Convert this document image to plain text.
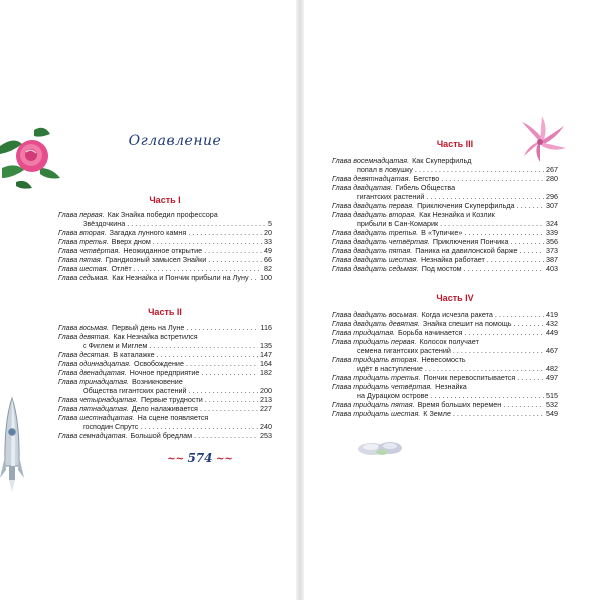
Оглавление
Часть I
Глава первая. Как Знайка победил профессора
Звёздочкина . . .	5
Глава вторая. Загадка лунного камня . . .	20
Глава третья. Вверх дном . . .	33
Глава четвёртая. Неожиданное открытие . . .	49
Глава пятая. Грандиозный замысел Знайки . . .	66
Глава шестая. Отлёт . . .	82
Глава седьмая. Как Незнайка и Пончик прибыли на Луну . . . 100
Часть II
Глава восьмая. Первый день на Луне . . .	116
Глава девятая. Как Незнайка встретился
с Фиглем и Миглем . . .	135
Глава десятая. В каталажке . . .	147
Глава одиннадцатая. Освобождение . . .	164
Глава двенадцатая. Ночное предприятие . . .	182
Глава тринадцатая. Возникновение
Общества гигантских растений . . .	200
Глава четырнадцатая. Первые трудности . . .	213
Глава пятнадцатая. Дело налаживается . . .	227
Глава шестнадцатая. На сцене появляется
господин Спрутс . . .	240
Глава семнадцатая. Большой бредлам . . .	253
~~ 574 ~~
Часть III
Глава восемнадцатая. Как Скуперфильд
попал в ловушку . . .	267
Глава девятнадцатая. Бегство . . .	280
Глава двадцатая. Гибель Общества
гигантских растений . . .	296
Глава двадцать первая. Приключения Скуперфильда . . .	307
Глава двадцать вторая. Как Незнайка и Козлик
прибыли в Сан-Комарик . . .	324
Глава двадцать третья. В «Тупичке» . . .	339
Глава двадцать четвёртая. Приключения Пончика . . .	356
Глава двадцать пятая. Паника на давилонской барже . . .	373
Глава двадцать шестая. Незнайка работает . . .	387
Глава двадцать седьмая. Под мостом . . .	403
Часть IV
Глава двадцать восьмая. Когда исчезла ракета . . .	419
Глава двадцать девятая. Знайка спешит на помощь . . .	432
Глава тридцатая. Борьба начинается . . .	449
Глава тридцать первая. Колосок получает
семена гигантских растений . . .	467
Глава тридцать вторая. Невесомость
идёт в наступление . . .	482
Глава тридцать третья. Пончик перевоспитывается . . .	497
Глава тридцать четвёртая. Незнайка
на Дурацком острове . . .	515
Глава тридцать пятая. Время больших перемен . . .	532
Глава тридцать шестая. К Земле . . .	549
